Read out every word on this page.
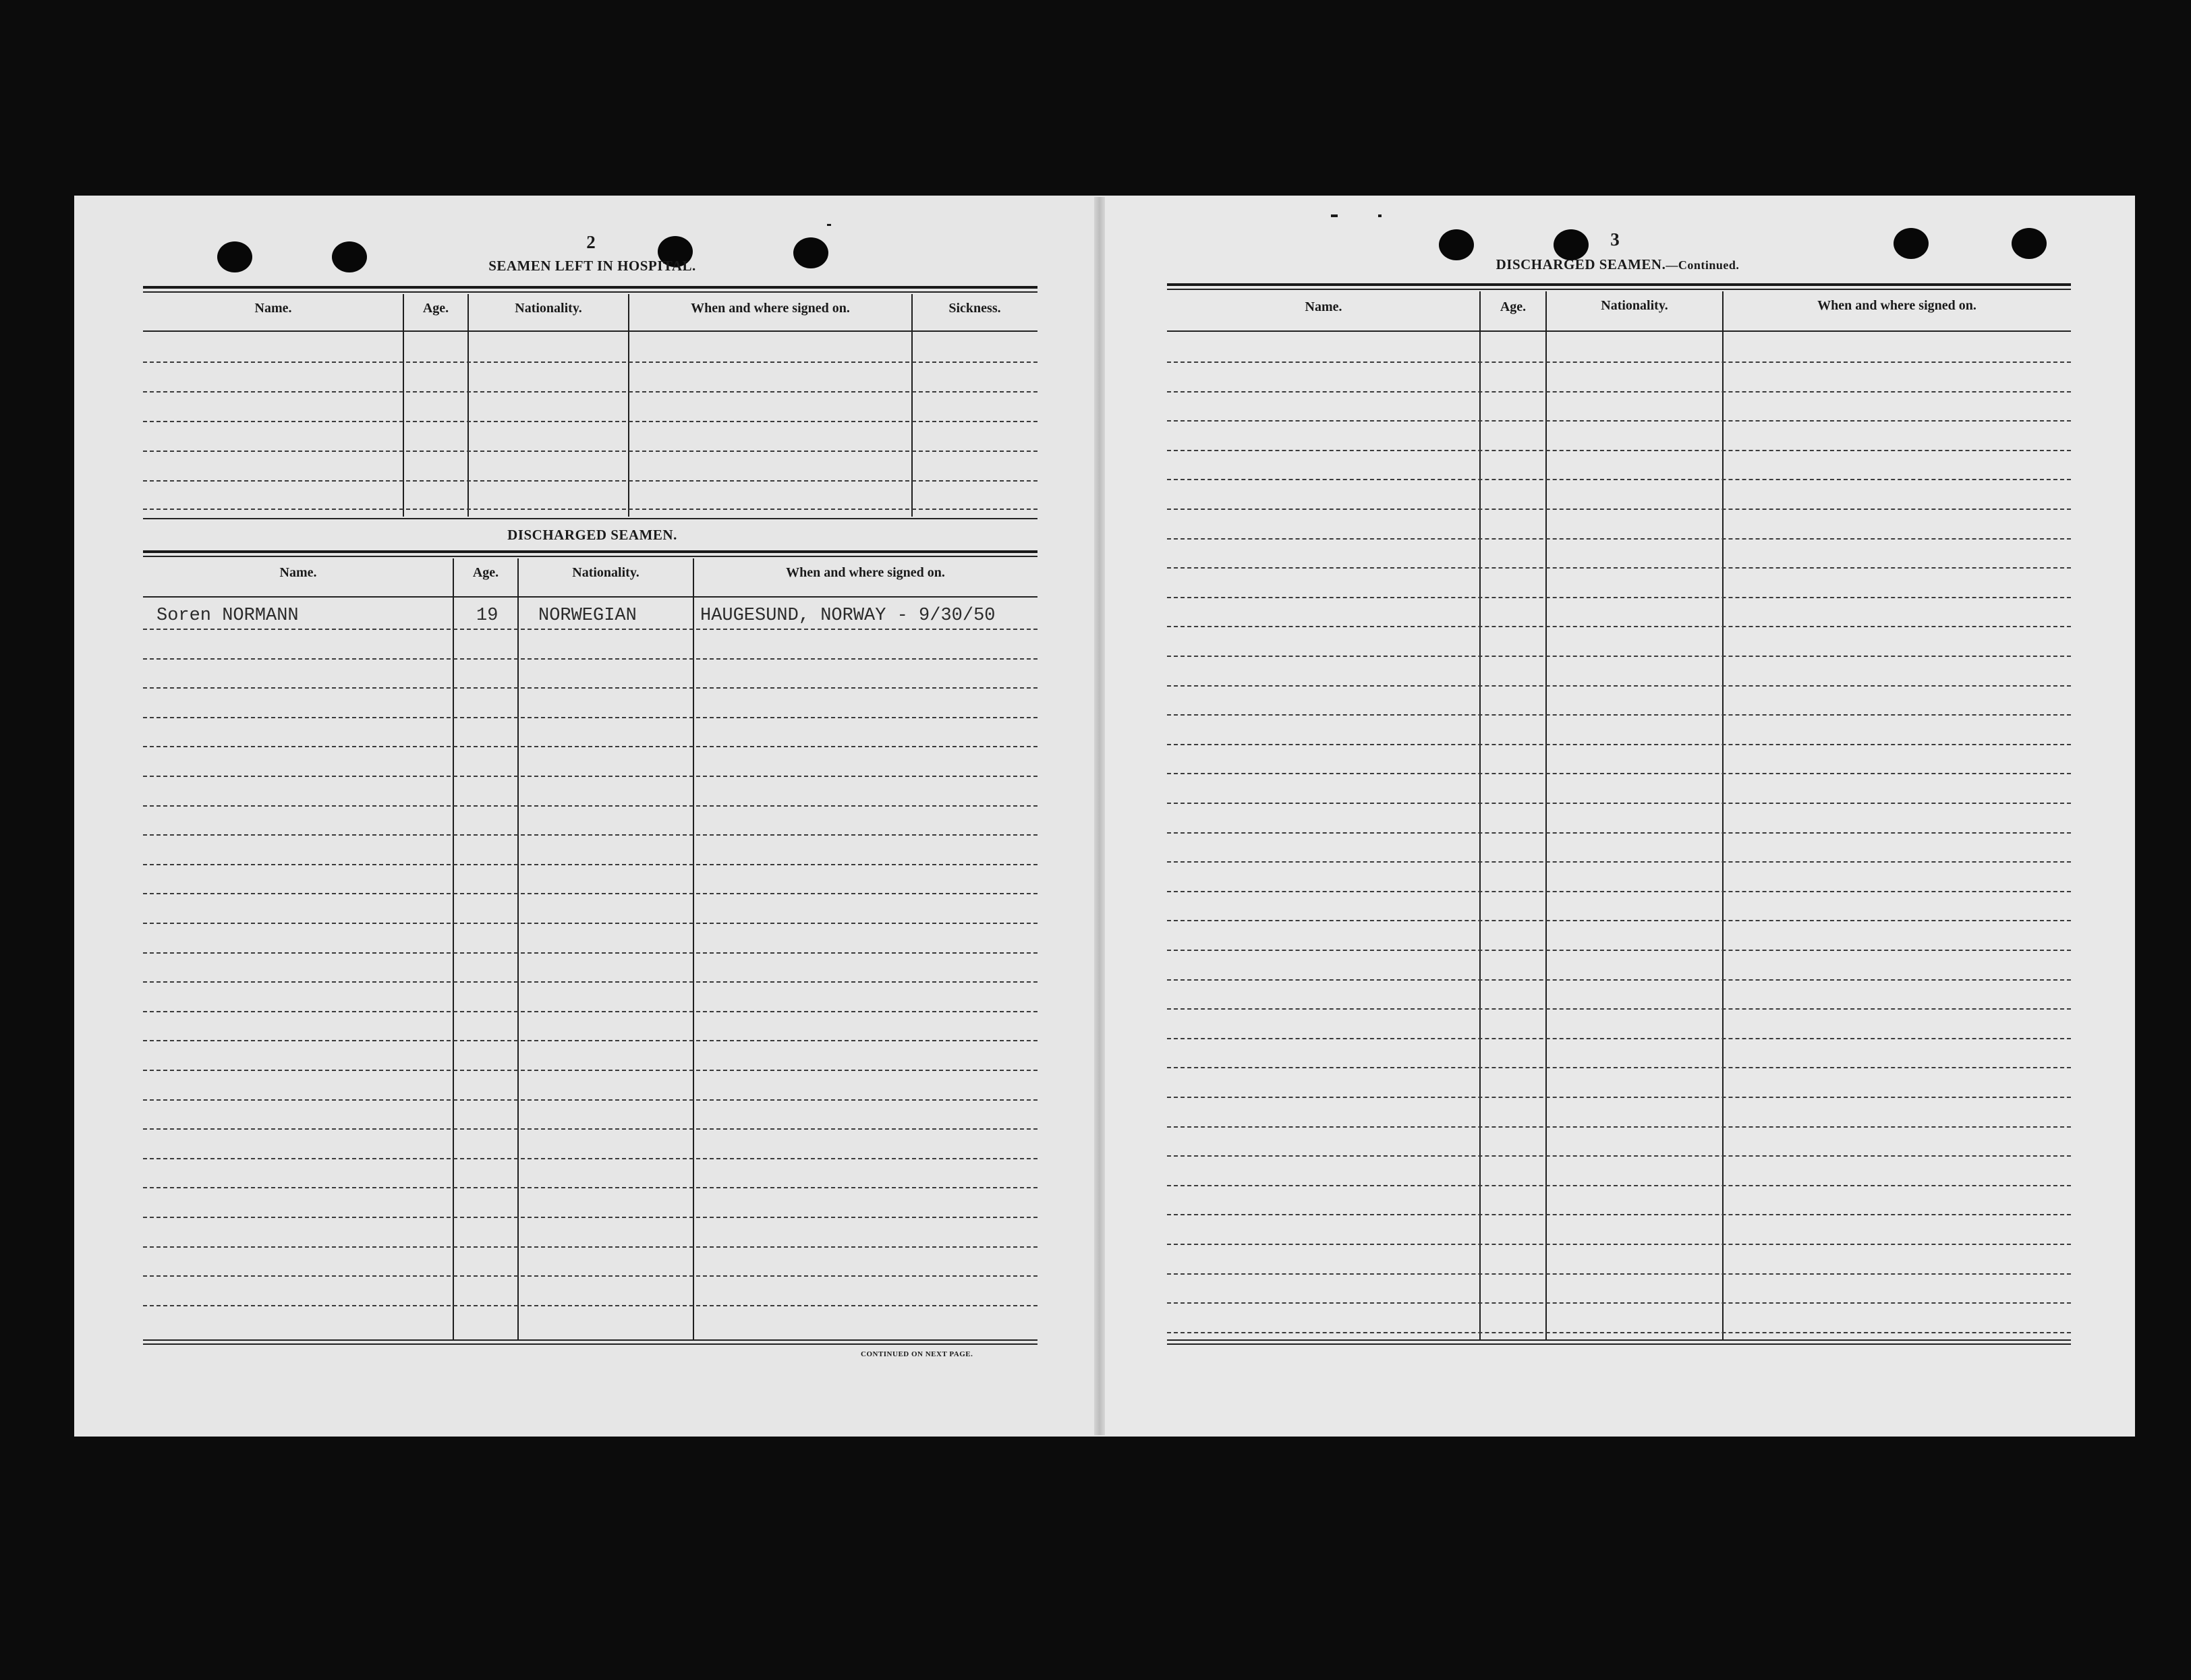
2
SEAMEN LEFT IN HOSPITAL.
Name.	Age.	Nationality.	When and where signed on.	Sickness.
DISCHARGED SEAMEN.
Name.	Age.	Nationality.	When and where signed on.
Soren NORMANN	19 NORWEGIAN	HAUGESUND, NORWAY - 9/30/50
CONTINUED ON NEXT PAGE.
3
DISCHARGED SEAMEN.—Continued.
Name.	Age.	Nationality.	When and where signed on.
